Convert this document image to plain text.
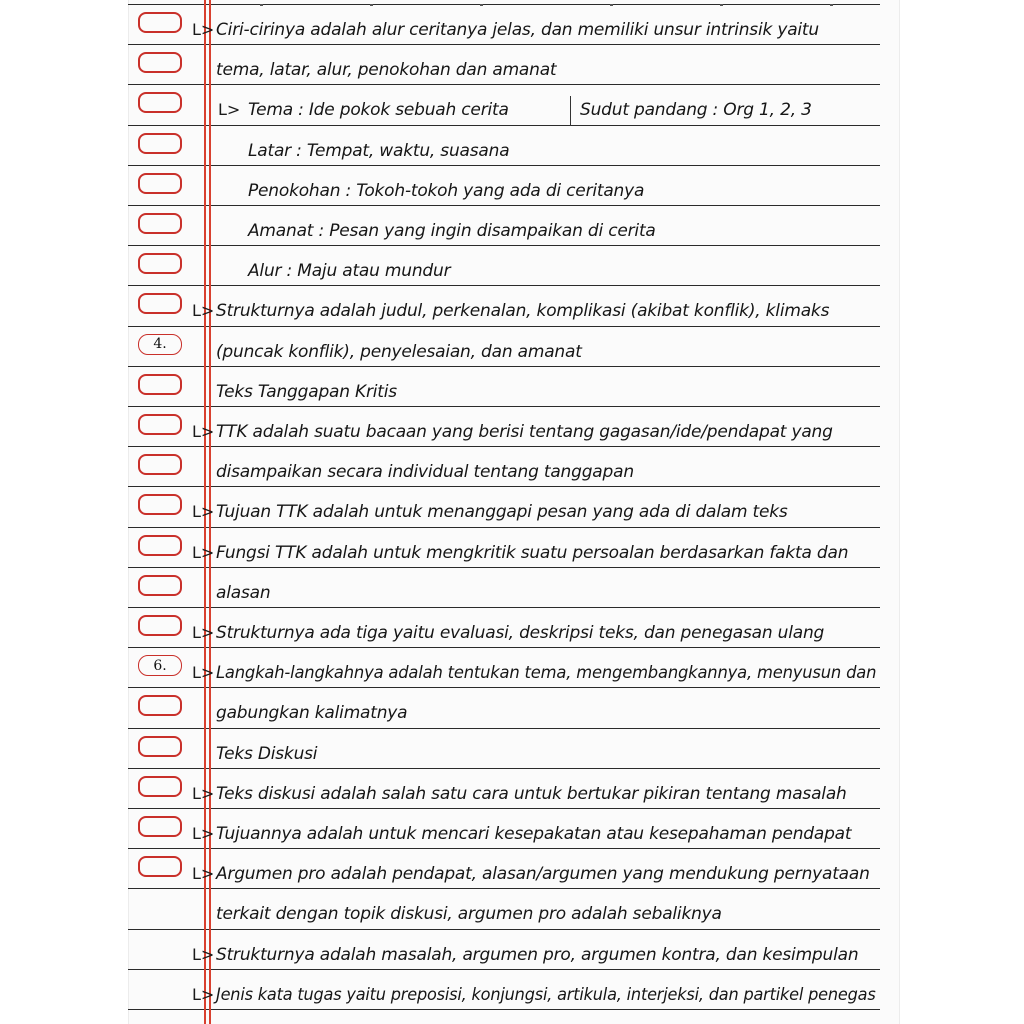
4.
6.
L> Ciri-cirinya adalah alur ceritanya jelas, dan memiliki unsur intrinsik yaitu
tema, latar, alur, penokohan dan amanat
L> Tema : Ide pokok sebuah cerita	Sudut pandang : Org 1, 2, 3
Latar : Tempat, waktu, suasana
Penokohan : Tokoh-tokoh yang ada di ceritanya
Amanat : Pesan yang ingin disampaikan di cerita
Alur : Maju atau mundur
L> Strukturnya adalah judul, perkenalan, komplikasi (akibat konflik), klimaks
(puncak konflik), penyelesaian, dan amanat
Teks Tanggapan Kritis
L> TTK adalah suatu bacaan yang berisi tentang gagasan/ide/pendapat yang
disampaikan secara individual tentang tanggapan
L> Tujuan TTK adalah untuk menanggapi pesan yang ada di dalam teks
L> Fungsi TTK adalah untuk mengkritik suatu persoalan berdasarkan fakta dan
alasan
L> Strukturnya ada tiga yaitu evaluasi, deskripsi teks, dan penegasan ulang
L> Langkah-langkahnya adalah tentukan tema, mengembangkannya, menyusun dan
gabungkan kalimatnya
Teks Diskusi
L> Teks diskusi adalah salah satu cara untuk bertukar pikiran tentang masalah
L> Tujuannya adalah untuk mencari kesepakatan atau kesepahaman pendapat
L> Argumen pro adalah pendapat, alasan/argumen yang mendukung pernyataan
terkait dengan topik diskusi, argumen pro adalah sebaliknya
L> Strukturnya adalah masalah, argumen pro, argumen kontra, dan kesimpulan
L> Jenis kata tugas yaitu preposisi, konjungsi, artikula, interjeksi, dan partikel penegas
